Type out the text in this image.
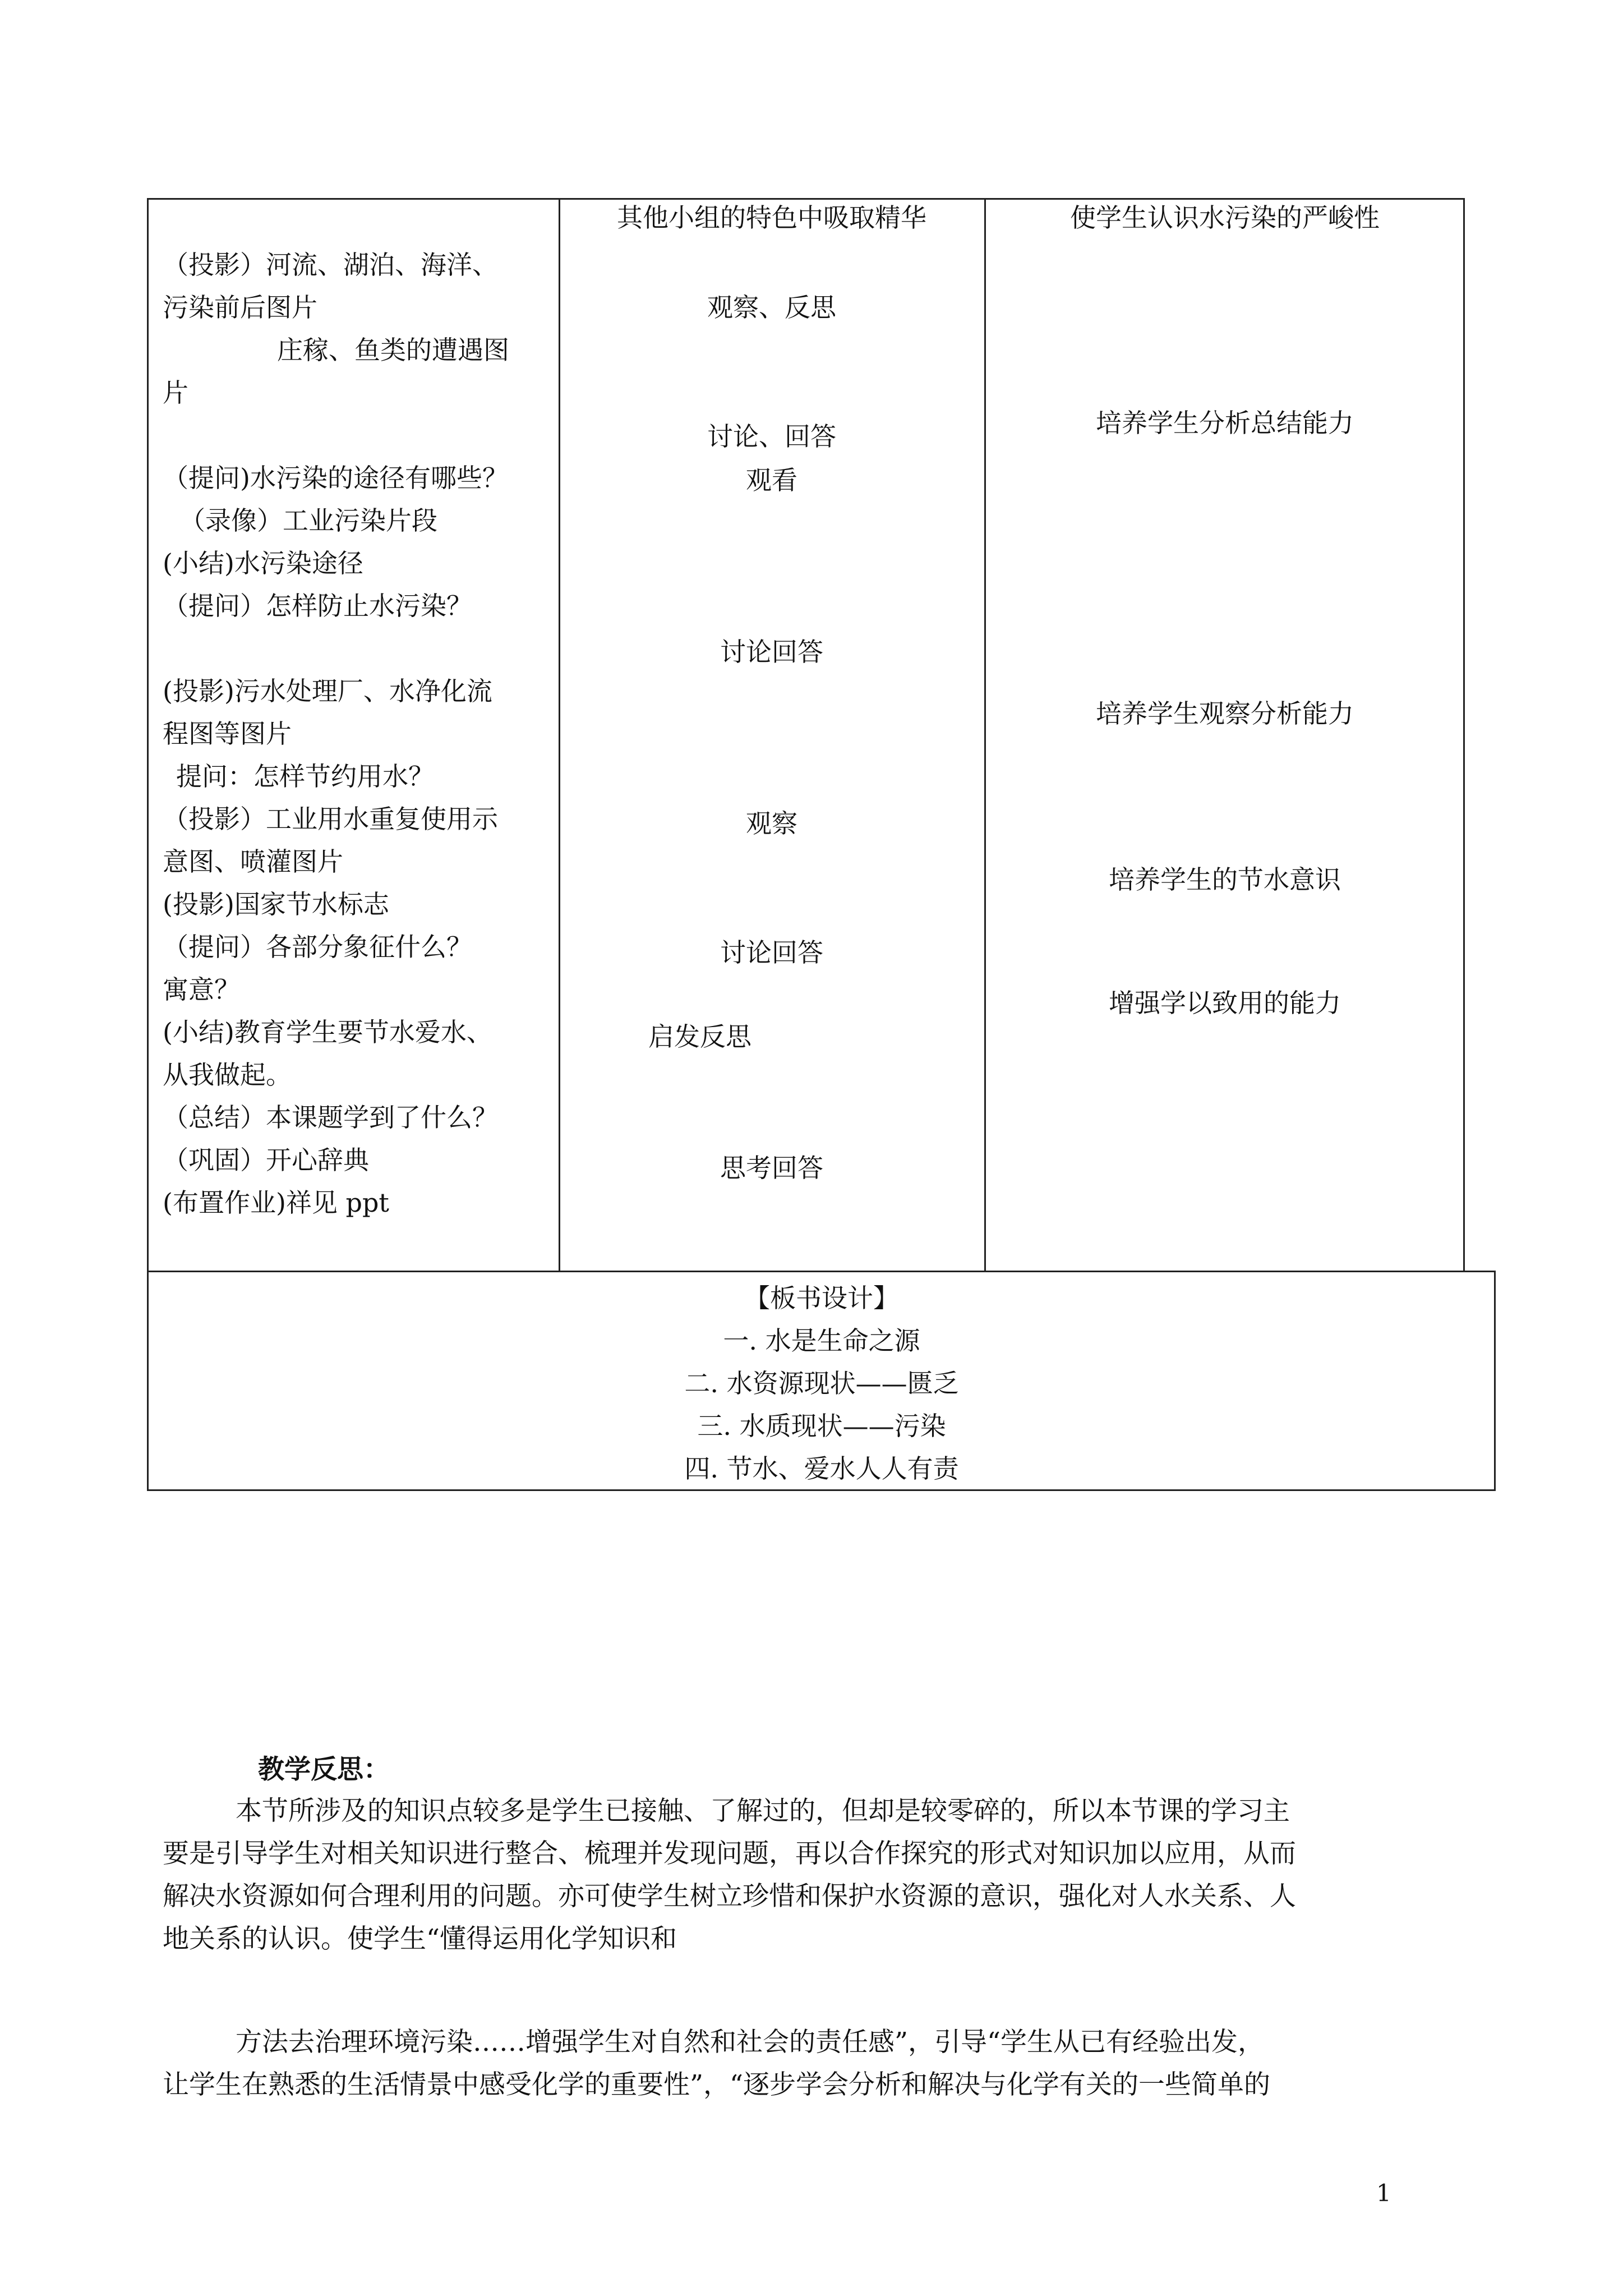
（投影）河流、湖泊、海洋、
污染前后图片
庄稼、鱼类的遭遇图
片
（提问)水污染的途径有哪些？
（录像）工业污染片段
(小结)水污染途径
（提问）怎样防止水污染？
(投影)污水处理厂、水净化流
程图等图片
提问：怎样节约用水？
（投影）工业用水重复使用示
意图、喷灌图片
(投影)国家节水标志
（提问）各部分象征什么？
寓意？
(小结)教育学生要节水爱水、
从我做起。
（总结）本课题学到了什么？
（巩固）开心辞典
(布置作业)祥见 ppt
其他小组的特色中吸取精华
观察、反思
讨论、回答
观看
讨论回答
观察
讨论回答
启发反思
思考回答
使学生认识水污染的严峻性
培养学生分析总结能力
培养学生观察分析能力
培养学生的节水意识
增强学以致用的能力
【板书设计】
一. 水是生命之源
二. 水资源现状——匮乏
三. 水质现状——污染
四. 节水、爱水人人有责
教学反思：
本节所涉及的知识点较多是学生已接触、了解过的，但却是较零碎的，所以本节课的学习主
要是引导学生对相关知识进行整合、梳理并发现问题，再以合作探究的形式对知识加以应用，从而
解决水资源如何合理利用的问题。亦可使学生树立珍惜和保护水资源的意识，强化对人水关系、人
地关系的认识。使学生“懂得运用化学知识和
方法去治理环境污染……增强学生对自然和社会的责任感”，引导“学生从已有经验出发，
让学生在熟悉的生活情景中感受化学的重要性”，“逐步学会分析和解决与化学有关的一些简单的
1
